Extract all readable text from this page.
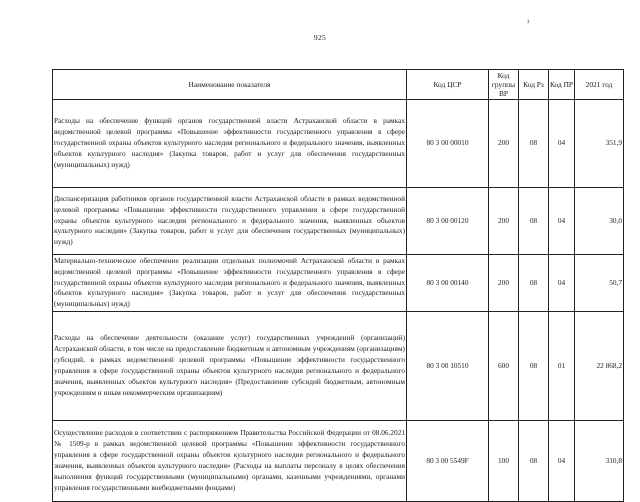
925
¹
Наименование показателя	Код ЦСР	Код группы ВР	Код Рз	Код ПР	2021 год
Расходы на обеспечение функций органов государственной власти Астраханской области в рамках ведомственной целевой программы «Повышение эффективности государственного управления в сфере государственной охраны объектов культурного наследия регионального и федерального значения, выявленных объектов культурного наследия» (Закупка товаров, работ и услуг для обеспечения государственных (муниципальных) нужд)	80 3 00 00010	200	08	04	351,9
Диспансеризация работников органов государственной власти Астраханской области в рамках ведомственной целевой программы «Повышение эффективности государственного управления в сфере государственной охраны объектов культурного наследия регионального и федерального значения, выявленных объектов культурного наследия» (Закупка товаров, работ и услуг для обеспечения государственных (муниципальных) нужд)	80 3 00 00120	200	08	04	30,0
Материально-техническое обеспечение реализации отдельных полномочий Астраханской области в рамках ведомственной целевой программы «Повышение эффективности государственного управления в сфере государственной охраны объектов культурного наследия регионального и федерального значения, выявленных объектов культурного наследия» (Закупка товаров, работ и услуг для обеспечения государственных (муниципальных) нужд)	80 3 00 00140	200	08	04	50,7
Расходы на обеспечение деятельности (оказание услуг) государственных учреждений (организаций) Астраханской области, в том числе на предоставление бюджетным и автономным учреждениям (организациям) субсидий, в рамках ведомственной целевой программы «Повышение эффективности государственного управления в сфере государственной охраны объектов культурного наследия регионального и федерального значения, выявленных объектов культурного наследия» (Предоставление субсидий бюджетным, автономным учреждениям и иным некоммерческим организациям)	80 3 00 10510	600	08	01	22 868,2
Осуществление расходов в соответствии с распоряжением Правительства Российской Федерации от 08.06.2021 № 1509-р в рамках ведомственной целевой программы «Повышение эффективности государственного управления в сфере государственной охраны объектов культурного наследия регионального и федерального значения, выявленных объектов культурного наследия» (Расходы на выплаты персоналу в целях обеспечения выполнения функций государственными (муниципальными) органами, казенными учреждениями, органами управления государственными внебюджетными фондами)	80 3 00 5549F	100	08	04	310,8
